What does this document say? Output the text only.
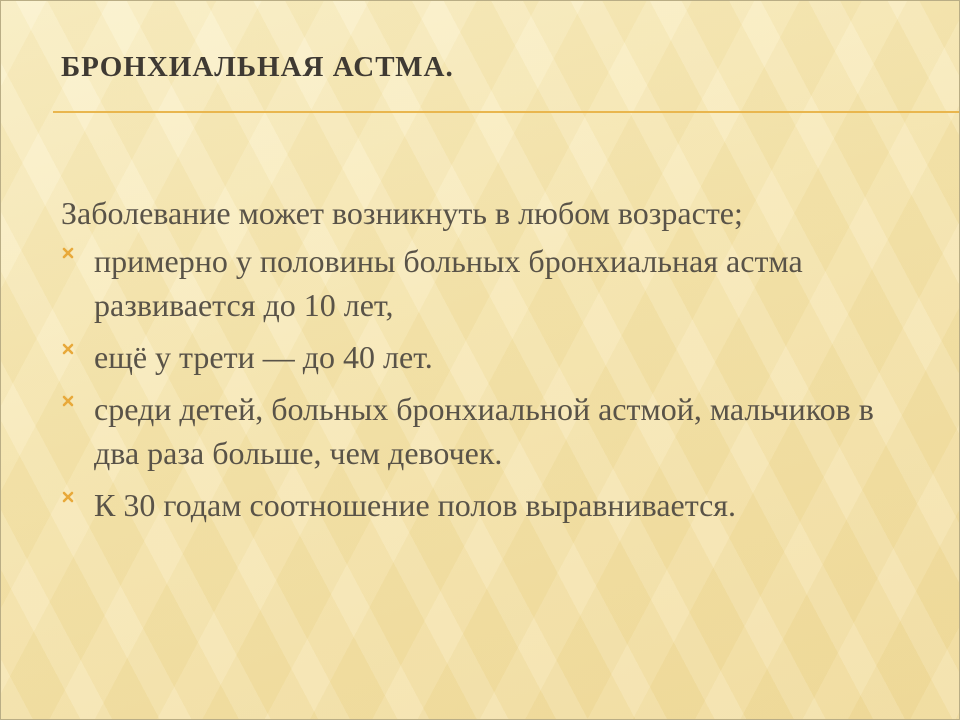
БРОНХИАЛЬНАЯ АСТМА.

Заболевание может возникнуть в любом возрасте;

примерно у половины больных бронхиальная астма развивается до 10 лет,
ещё у трети — до 40 лет.
среди детей, больных бронхиальной астмой, мальчиков в два раза больше, чем девочек.
К 30 годам соотношение полов выравнивается.
